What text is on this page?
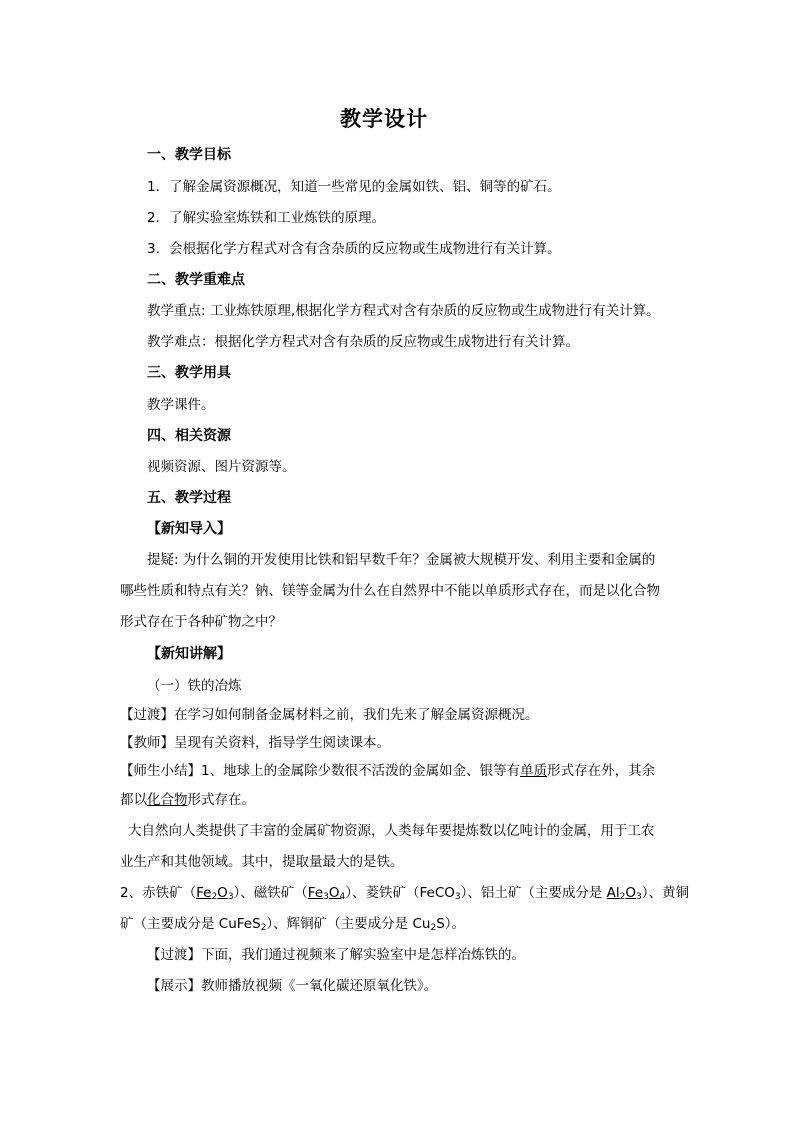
教学设计
一、教学目标
1．了解金属资源概况，知道一些常见的金属如铁、铝、铜等的矿石。
2．了解实验室炼铁和工业炼铁的原理。
3．会根据化学方程式对含有含杂质的反应物或生成物进行有关计算。
二、教学重难点
教学重点: 工业炼铁原理,根据化学方程式对含有杂质的反应物或生成物进行有关计算。
教学难点：根据化学方程式对含有杂质的反应物或生成物进行有关计算。
三、教学用具
教学课件。
四、相关资源
视频资源、图片资源等。
五、教学过程
【新知导入】
提疑: 为什么铜的开发使用比铁和铝早数千年？金属被大规模开发、利用主要和金属的
哪些性质和特点有关？钠、镁等金属为什么在自然界中不能以单质形式存在，而是以化合物
形式存在于各种矿物之中？
【新知讲解】
（一）铁的冶炼
【过渡】在学习如何制备金属材料之前，我们先来了解金属资源概况。
【教师】呈现有关资料，指导学生阅读课本。
【师生小结】1、地球上的金属除少数很不活泼的金属如金、银等有单质形式存在外，其余
都以化合物形式存在。
大自然向人类提供了丰富的金属矿物资源，人类每年要提炼数以亿吨计的金属，用于工农
业生产和其他领域。其中，提取量最大的是铁。
2、赤铁矿$(Fe_2O_3)$、磁铁矿$(Fe_3O_4)$、菱铁矿（FeCO$_3$）、铝土矿（主要成分是 $Al_2O_3$）、黄铜
矿（主要成分是 CuFeS$_2$）、辉铜矿（主要成分是 $Cu_2S$）。
【过渡】下面，我们通过视频来了解实验室中是怎样冶炼铁的。
【展示】教师播放视频《一氧化碳还原氧化铁》。
